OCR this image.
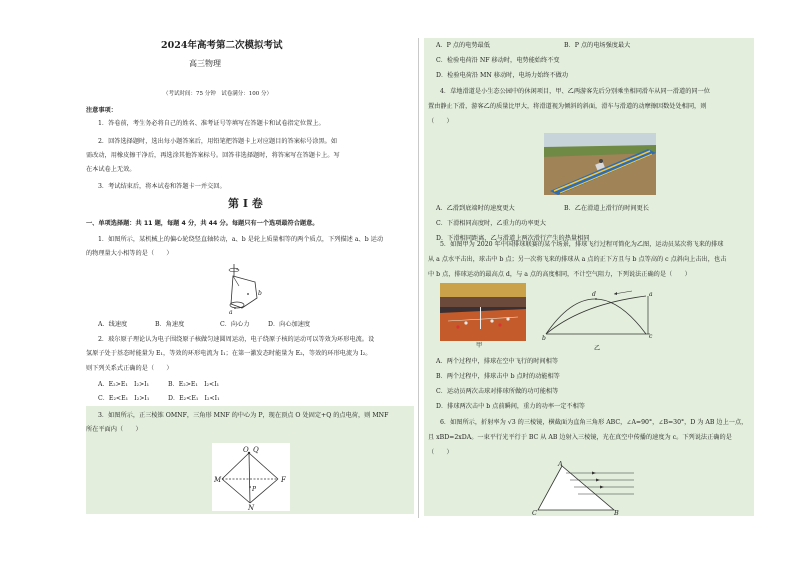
2024年高考第二次模拟考试
高三物理
（考试时间：75 分钟　试卷满分：100 分）
注意事项：
1．答卷前，考生务必将自己的姓名、准考证号等填写在答题卡和试卷指定位置上。
2．回答选择题时，选出每小题答案后，用铅笔把答题卡上对应题目的答案标号涂黑。如
需改动，用橡皮擦干净后，再选涂其他答案标号。回答非选择题时，将答案写在答题卡上。写
在本试卷上无效。
3．考试结束后，将本试卷和答题卡一并交回。
第 I 卷
一、单项选择题：共 11 题，每题 4 分，共 44 分。每题只有一个选项最符合题意。
1．如图所示，某机械上的偏心轮绕竖直轴转动，a、b 是轮上质量相等的两个质点，下列描述 a、b 运动
的物理量大小相等的是（　　）
b
a
A．线速度	B．角速度	C．向心力	D．向心加速度
2．玻尔原子理论认为电子围绕原子核做匀速圆周运动，电子绕原子核的运动可以等效为环形电流。设
氢原子处于基态时能量为 E₁，等效的环形电流为 I₁；在第一激发态时能量为 E₂，等效的环形电流为 I₂。
则下列关系式正确的是（　　）
A．E₂>E₁　I₂>I₁	B．E₂>E₁　I₂<I₁
C．E₂<E₁　I₂>I₁	D．E₂<E₁　I₂<I₁
3．如图所示，正三棱锥 OMNF，三角形 MNF 的中心为 P，现在顶点 O 处固定+Q 的点电荷，则 MNF
所在平面内（　　）
O Q
M	F
P
N
A．P 点的电势最低	B．P 点的电场强度最大
C．检验电荷沿 NF 移动时，电势能始终不变
D．检验电荷沿 MN 移动时，电场力始终不做功
4．草地滑道是小生态公园中的休闲项目，甲、乙两游客先后分别乘坐相同滑车从同一滑道的同一位
置由静止下滑，游客乙的质量比甲大，将滑道视为倾斜的斜面，滑车与滑道的动摩擦因数处处相同，则
（　　）
A．乙滑到底端时的速度更大	B．乙在滑道上滑行的时间更长
C．下滑相同高度时，乙重力的功率更大
D．下滑相同距离，乙与滑道上两次滑行产生的热量相同
5．如图甲为 2020 年中国排球联赛的某个场景，排球飞行过程可简化为乙图，运动员某次将飞来的排球
从 a 点水平击出，球击中 b 点；另一次将飞来的排球从 a 点的正下方且与 b 点等高的 c 点斜向上击出，也击
中 b 点，排球运动的最高点 d，与 a 点的高度相同，不计空气阻力，下列说法正确的是（　　）
甲
d
b
a
c
乙
A．两个过程中，排球在空中飞行的时间相等
B．两个过程中，排球击中 b 点时的动能相等
C．运动员两次击球对排球所做的功可能相等
D．排球两次击中 b 点前瞬间，重力的功率一定不相等
6．如图所示，折射率为 √3 的三棱镜，横截面为直角三角形 ABC，∠A=90°，∠B=30°，D 为 AB 边上一点，
且 xBD=2xDA。一束平行光平行于 BC 从 AB 边射入三棱镜，光在真空中传播的速度为 c。下列说法正确的是
（　　）
A
C	B
